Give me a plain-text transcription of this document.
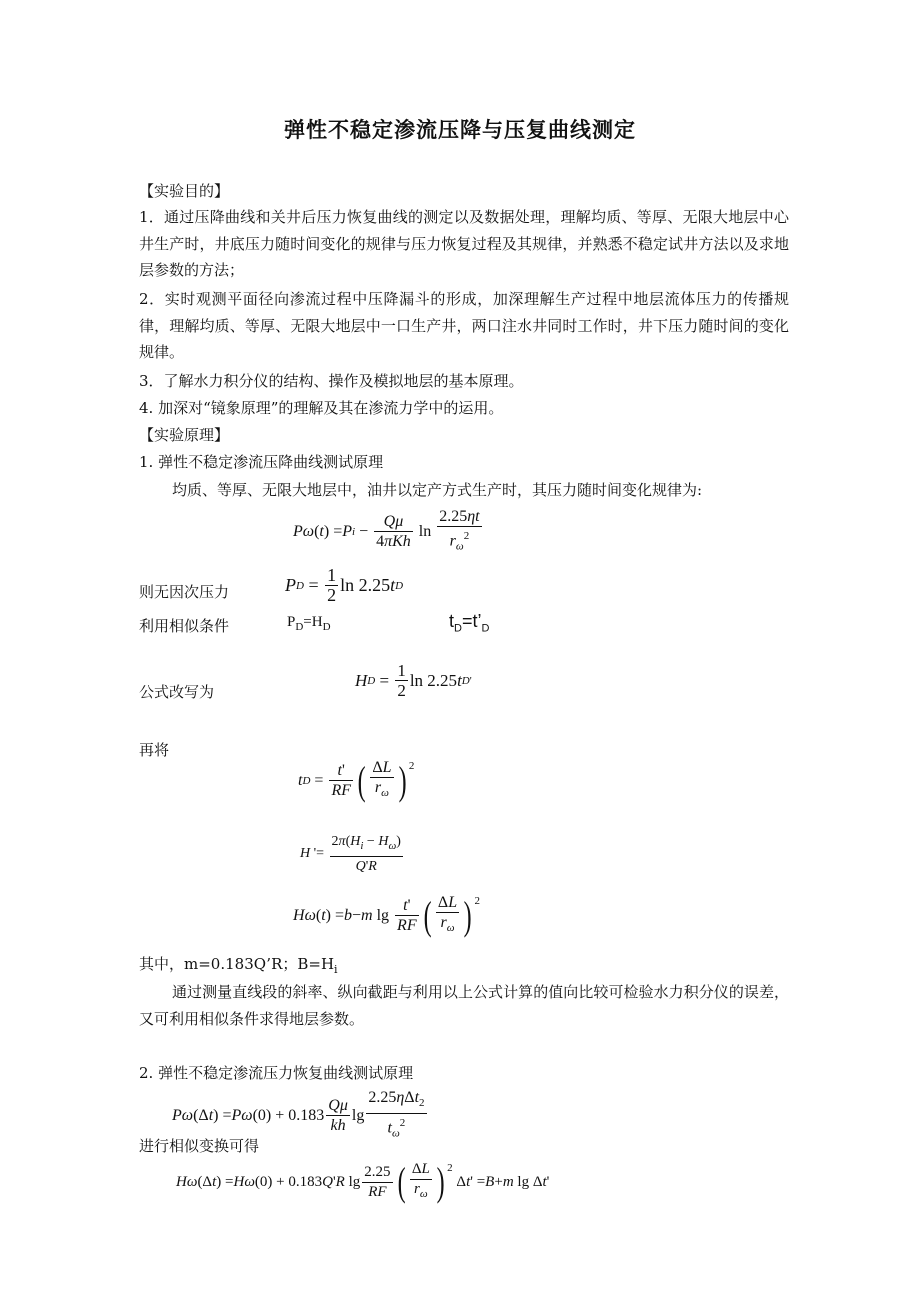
弹性不稳定渗流压降与压复曲线测定
【实验目的】
1．通过压降曲线和关井后压力恢复曲线的测定以及数据处理，理解均质、等厚、无限大地层中心井生产时，井底压力随时间变化的规律与压力恢复过程及其规律，并熟悉不稳定试井方法以及求地层参数的方法；
2．实时观测平面径向渗流过程中压降漏斗的形成，加深理解生产过程中地层流体压力的传播规律，理解均质、等厚、无限大地层中一口生产井，两口注水井同时工作时，井下压力随时间的变化规律。
3．了解水力积分仪的结构、操作及模拟地层的基本原理。
4. 加深对“镜象原理”的理解及其在渗流力学中的运用。
【实验原理】
1. 弹性不稳定渗流压降曲线测试原理
均质、等厚、无限大地层中，油井以定产方式生产时，其压力随时间变化规律为:
P ω ( t ) = P $i - \frac{Q\mu}{\text{4πKh}}$ $\ln \frac{2.25\eta t}{r_\omega^2}$
则无因次压力	P $D = \frac{1}{2}$ ln 2.25 t D
利用相似条件	$P_D=H_D$	$t_D=t’_D$
公式改写为
H $D = \frac{1}{2}$ ln 2.25 t D '
再将
t $D = \frac{t'}{RF}$ ( $\frac{\Delta L}{r_\omega} )^2$
H '= $\frac{2\pi(H_i - H_\omega)}{Q'R}$
H ω ( t ) = b − m $\lg \frac{t'}{RF}$ ( $\frac{\Delta L}{r_\omega} )^2$
其中，m=0.183Q’R；$B=H_i$
通过测量直线段的斜率、纵向截距与利用以上公式计算的值向比较可检验水力积分仪的误差，又可利用相似条件求得地层参数。
2. 弹性不稳定渗流压力恢复曲线测试原理
P ω (Δ t ) = P ω $(0) + 0.183 \frac{Q\mu}{kh}$ $\lg \frac{2.25\eta\Delta t_2}{t_\omega^2}$
进行相似变换可得
H ω (Δ t ) = H ω (0) + 0.183 Q ' R $\lg \frac{2.25}{RF}$ ( $\frac{\Delta L}{r_\omega} )^2$
Δ t ' = B + m lg Δ t '
